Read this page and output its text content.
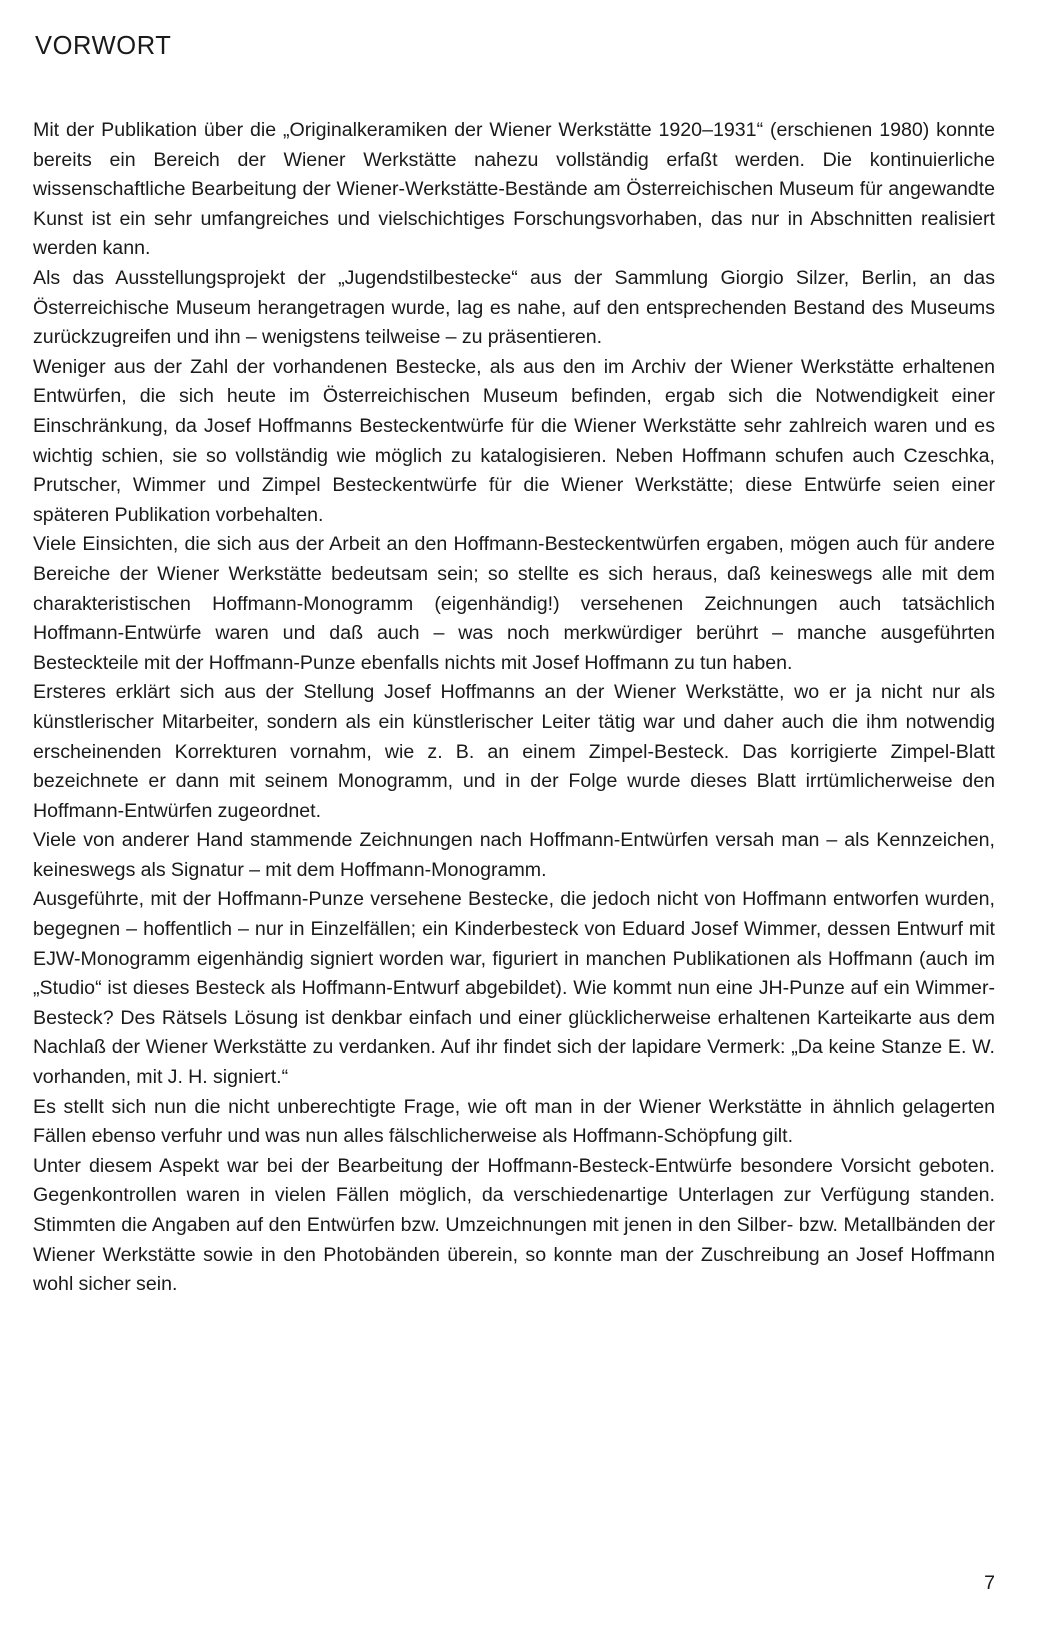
VORWORT

Mit der Publikation über die „Originalkeramiken der Wiener Werkstätte 1920–1931“ (erschienen 1980) konnte bereits ein Bereich der Wiener Werkstätte nahezu vollständig erfaßt werden. Die kontinuierliche wissenschaftliche Bearbeitung der Wiener-Werkstätte-Bestände am Österreichischen Museum für angewandte Kunst ist ein sehr umfangreiches und vielschichtiges Forschungsvorhaben, das nur in Abschnitten realisiert werden kann.

Als das Ausstellungsprojekt der „Jugendstilbestecke“ aus der Sammlung Giorgio Silzer, Berlin, an das Österreichische Museum herangetragen wurde, lag es nahe, auf den entsprechenden Bestand des Museums zurückzugreifen und ihn – wenigstens teilweise – zu präsentieren.

Weniger aus der Zahl der vorhandenen Bestecke, als aus den im Archiv der Wiener Werkstätte erhaltenen Entwürfen, die sich heute im Österreichischen Museum befinden, ergab sich die Notwendigkeit einer Einschränkung, da Josef Hoffmanns Besteckentwürfe für die Wiener Werkstätte sehr zahlreich waren und es wichtig schien, sie so vollständig wie möglich zu katalogisieren. Neben Hoffmann schufen auch Czeschka, Prutscher, Wimmer und Zimpel Besteckentwürfe für die Wiener Werkstätte; diese Entwürfe seien einer späteren Publikation vorbehalten.

Viele Einsichten, die sich aus der Arbeit an den Hoffmann-Besteckentwürfen ergaben, mögen auch für andere Bereiche der Wiener Werkstätte bedeutsam sein; so stellte es sich heraus, daß keineswegs alle mit dem charakteristischen Hoffmann-Monogramm (eigenhändig!) versehenen Zeichnungen auch tatsächlich Hoffmann-Entwürfe waren und daß auch – was noch merkwürdiger berührt – manche ausgeführten Besteckteile mit der Hoffmann-Punze ebenfalls nichts mit Josef Hoffmann zu tun haben.

Ersteres erklärt sich aus der Stellung Josef Hoffmanns an der Wiener Werkstätte, wo er ja nicht nur als künstlerischer Mitarbeiter, sondern als ein künstlerischer Leiter tätig war und daher auch die ihm notwendig erscheinenden Korrekturen vornahm, wie z. B. an einem Zimpel-Besteck. Das korrigierte Zimpel-Blatt bezeichnete er dann mit seinem Monogramm, und in der Folge wurde dieses Blatt irrtümlicherweise den Hoffmann-Entwürfen zugeordnet.

Viele von anderer Hand stammende Zeichnungen nach Hoffmann-Entwürfen versah man – als Kennzeichen, keineswegs als Signatur – mit dem Hoffmann-Monogramm.

Ausgeführte, mit der Hoffmann-Punze versehene Bestecke, die jedoch nicht von Hoffmann entworfen wurden, begegnen – hoffentlich – nur in Einzelfällen; ein Kinderbesteck von Eduard Josef Wimmer, dessen Entwurf mit EJW-Monogramm eigenhändig signiert worden war, figuriert in manchen Publikationen als Hoffmann (auch im „Studio“ ist dieses Besteck als Hoffmann-Entwurf abgebildet). Wie kommt nun eine JH-Punze auf ein Wimmer-Besteck? Des Rätsels Lösung ist denkbar einfach und einer glücklicherweise erhaltenen Karteikarte aus dem Nachlaß der Wiener Werkstätte zu verdanken. Auf ihr findet sich der lapidare Vermerk: „Da keine Stanze E. W. vorhanden, mit J. H. signiert.“

Es stellt sich nun die nicht unberechtigte Frage, wie oft man in der Wiener Werkstätte in ähnlich gelagerten Fällen ebenso verfuhr und was nun alles fälschlicherweise als Hoffmann-Schöpfung gilt.

Unter diesem Aspekt war bei der Bearbeitung der Hoffmann-Besteck-Entwürfe besondere Vorsicht geboten. Gegenkontrollen waren in vielen Fällen möglich, da verschiedenartige Unterlagen zur Verfügung standen. Stimmten die Angaben auf den Entwürfen bzw. Umzeichnungen mit jenen in den Silber- bzw. Metallbänden der Wiener Werkstätte sowie in den Photobänden überein, so konnte man der Zuschreibung an Josef Hoffmann wohl sicher sein.

7
